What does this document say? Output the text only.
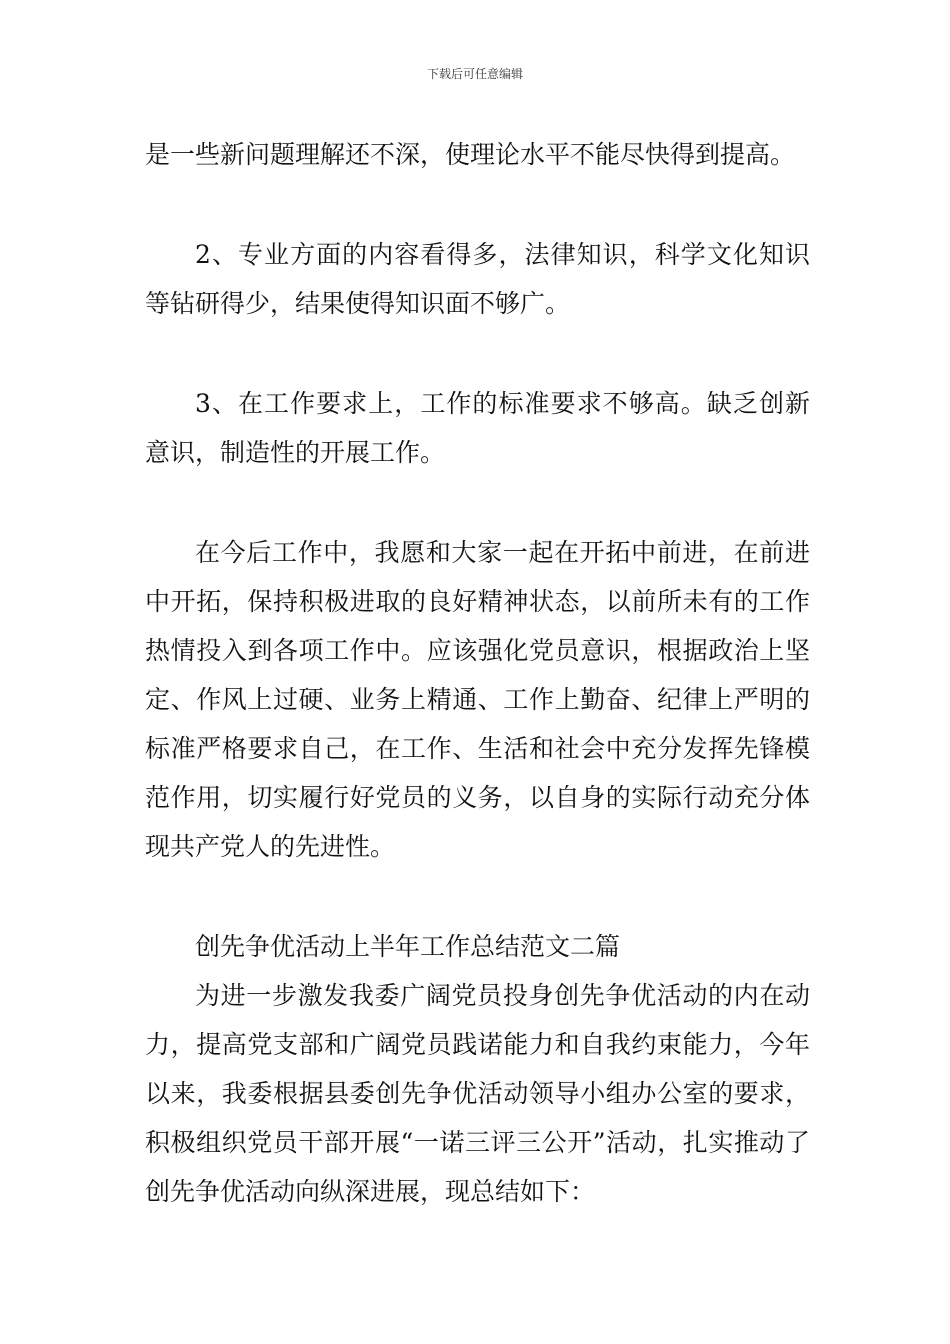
下载后可任意编辑

是一些新问题理解还不深，使理论水平不能尽快得到提高。

2、专业方面的内容看得多，法律知识，科学文化知识等钻研得少，结果使得知识面不够广。

3、在工作要求上，工作的标准要求不够高。缺乏创新意识，制造性的开展工作。

在今后工作中，我愿和大家一起在开拓中前进，在前进中开拓，保持积极进取的良好精神状态，以前所未有的工作热情投入到各项工作中。应该强化党员意识，根据政治上坚定、作风上过硬、业务上精通、工作上勤奋、纪律上严明的标准严格要求自己，在工作、生活和社会中充分发挥先锋模范作用，切实履行好党员的义务，以自身的实际行动充分体现共产党人的先进性。

创先争优活动上半年工作总结范文二篇

为进一步激发我委广阔党员投身创先争优活动的内在动力，提高党支部和广阔党员践诺能力和自我约束能力，今年以来，我委根据县委创先争优活动领导小组办公室的要求，积极组织党员干部开展“一诺三评三公开”活动，扎实推动了创先争优活动向纵深进展，现总结如下：
